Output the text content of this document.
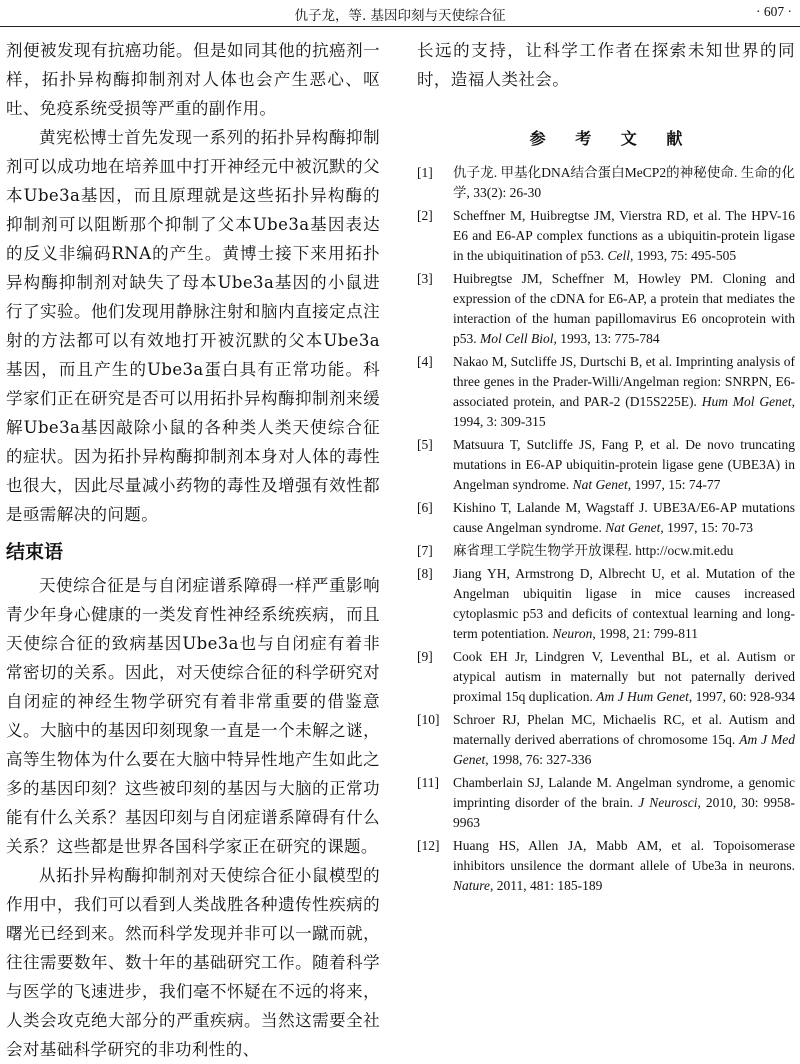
仇子龙，等. 基因印刻与天使综合征	· 607 ·

剂便被发现有抗癌功能。但是如同其他的抗癌剂一样，拓扑异构酶抑制剂对人体也会产生恶心、呕吐、免疫系统受损等严重的副作用。

黄宪松博士首先发现一系列的拓扑异构酶抑制剂可以成功地在培养皿中打开神经元中被沉默的父本Ube3a基因，而且原理就是这些拓扑异构酶的抑制剂可以阻断那个抑制了父本Ube3a基因表达的反义非编码RNA的产生。黄博士接下来用拓扑异构酶抑制剂对缺失了母本Ube3a基因的小鼠进行了实验。他们发现用静脉注射和脑内直接定点注射的方法都可以有效地打开被沉默的父本Ube3a基因，而且产生的Ube3a蛋白具有正常功能。科学家们正在研究是否可以用拓扑异构酶抑制剂来缓解Ube3a基因敲除小鼠的各种类人类天使综合征的症状。因为拓扑异构酶抑制剂本身对人体的毒性也很大，因此尽量减小药物的毒性及增强有效性都是亟需解决的问题。

结束语

天使综合征是与自闭症谱系障碍一样严重影响青少年身心健康的一类发育性神经系统疾病，而且天使综合征的致病基因Ube3a也与自闭症有着非常密切的关系。因此，对天使综合征的科学研究对自闭症的神经生物学研究有着非常重要的借鉴意义。大脑中的基因印刻现象一直是一个未解之谜，高等生物体为什么要在大脑中特异性地产生如此之多的基因印刻？这些被印刻的基因与大脑的正常功能有什么关系？基因印刻与自闭症谱系障碍有什么关系？这些都是世界各国科学家正在研究的课题。

从拓扑异构酶抑制剂对天使综合征小鼠模型的作用中，我们可以看到人类战胜各种遗传性疾病的曙光已经到来。然而科学发现并非可以一蹴而就，往往需要数年、数十年的基础研究工作。随着科学与医学的飞速进步，我们毫不怀疑在不远的将来，人类会攻克绝大部分的严重疾病。当然这需要全社会对基础科学研究的非功利性的、

长远的支持，让科学工作者在探索未知世界的同时，造福人类社会。

参 考 文 献
[1]	仇子龙. 甲基化DNA结合蛋白MeCP2的神秘使命. 生命的化学, 33(2): 26-30
[2]	Scheffner M, Huibregtse JM, Vierstra RD, et al. The HPV-16 E6 and E6-AP complex functions as a ubiquitin-protein ligase in the ubiquitination of p53. Cell, 1993, 75: 495-505
[3]	Huibregtse JM, Scheffner M, Howley PM. Cloning and expression of the cDNA for E6-AP, a protein that mediates the interaction of the human papillomavirus E6 oncoprotein with p53. Mol Cell Biol, 1993, 13: 775-784
[4]	Nakao M, Sutcliffe JS, Durtschi B, et al. Imprinting analysis of three genes in the Prader-Willi/Angelman region: SNRPN, E6-associated protein, and PAR-2 (D15S225E). Hum Mol Genet, 1994, 3: 309-315
[5]	Matsuura T, Sutcliffe JS, Fang P, et al. De novo truncating mutations in E6-AP ubiquitin-protein ligase gene (UBE3A) in Angelman syndrome. Nat Genet, 1997, 15: 74-77
[6]	Kishino T, Lalande M, Wagstaff J. UBE3A/E6-AP mutations cause Angelman syndrome. Nat Genet, 1997, 15: 70-73
[7]	麻省理工学院生物学开放课程. http://ocw.mit.edu
[8]	Jiang YH, Armstrong D, Albrecht U, et al. Mutation of the Angelman ubiquitin ligase in mice causes increased cytoplasmic p53 and deficits of contextual learning and long-term potentiation. Neuron, 1998, 21: 799-811
[9]	Cook EH Jr, Lindgren V, Leventhal BL, et al. Autism or atypical autism in maternally but not paternally derived proximal 15q duplication. Am J Hum Genet, 1997, 60: 928-934
[10]	Schroer RJ, Phelan MC, Michaelis RC, et al. Autism and maternally derived aberrations of chromosome 15q. Am J Med Genet, 1998, 76: 327-336
[11]	Chamberlain SJ, Lalande M. Angelman syndrome, a genomic imprinting disorder of the brain. J Neurosci, 2010, 30: 9958-9963
[12]	Huang HS, Allen JA, Mabb AM, et al. Topoisomerase inhibitors unsilence the dormant allele of Ube3a in neurons. Nature, 2011, 481: 185-189
